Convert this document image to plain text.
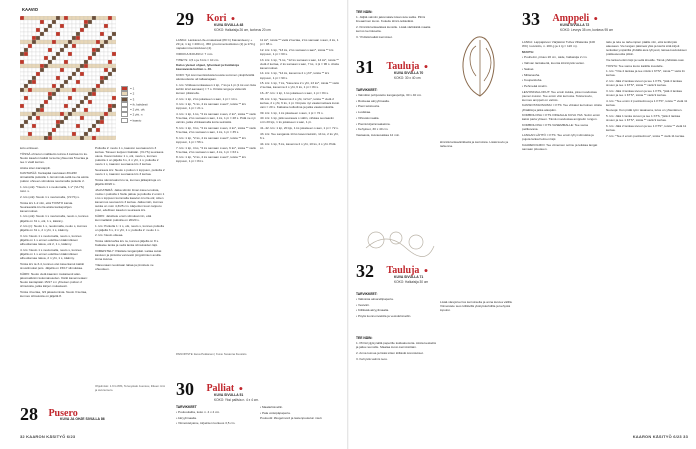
KAAVIO
= 1
= 2
= 3
= ik. kahdesti
= 2 yht. oik
= 2 yht. n
= kaavio

kolo erikseen.

TÖSSÄ ohnuton malliketto toinna 4 ketriaa tru ku. Neulo kaavion kaikki ra kerta yhteensä 5 kertaa ja tee 1 viald kerran.

Alotta siten karsiappili.

KANTAPÄÄ: Kantapää neulotaan ZIGZIR siimaksilla puikoille 1. Ensimmäi-sellä ke-rta aloita puikon ohneen-siimuksia neulomalla puikolle 2.

1. krs (oik): *Neulo 1 s neulomalla, 1 s* (VLYS) toist. s.

2. krs (oik): Neulo 1 s neulomalla, (VLYS) s.

Toista krs 1-2 niin, että TOISTO karsia. Seuraavalla kru lla aloita kantapohjan kavennukset.

1. krs (oik): Neulo 1 s neulomalla, neulo s, kunnes jäljellä on 31 s, oik, 1 s, käänny.

2. krs (n): Neulo 1 s, neulomalla, neulo s, kunnes jäljellä on 31 s, 2 n yht, 1 s, käänny.

3. krs: Neulo 1 s neulomalla, neulo s, kunnes jäljellä on 1 s ennen edellisen käännöksen aiheuttamaa rakoa, oik 2, 1 s, käänny.

4. krs: Neulo 1 s neulomalla, neulo s, kunnes jäljellä on 1 s ennen edellisen käännöksen aiheuttamaa rakoa, 2 n yht, 1 s, käänny.

Toista krs ta 3-4, kunnes olet kaventanut kaikki sivusilmukat pois. Jäljellä on 15/17 silmukkaa.

KÄRKI: Neulo vielä kaavion mukaisesti alan-jakomakkisin kokonaisuuden. Kärki kavennetaan: Neulo kantapään 15/17 s:n yhteisen puikon 2 silmukoita, jatka kärjen mukaisesti.

Toista 4 kertaa, 3/4 jakautumista. Neulo 3 kertaa, kunnes silmukoita on jäljellä 8.

Puikolla 2: neulo 1 s, kaavion seuraava krs 3 kertaa. Toiseen ketjuun lisätään. (VLYS) seuraava oleva. Kavennuksia: 1 s, oik, neulo s, kunnes puikolla 1 on jäljellä 3 s, 2 n yht, 1 s; puikolla 2 neulo 1 s, kaavion seuraava krs 3 kertaa.

Seuraava krs: Neulo s puikon 1 loppuun, puikolla 2 neulo 1 s, kaavion seuraava krs 3 kertaa.

Toista nämä kaksi kru ta, kunnes jälkapintoja on jäljellä 20/20 s.

JALKATERÄ: Jatka silmiin ilman kaven-nuksia, mutta n puikolla 1 Nelle jatkuu ja puikolla 2 ensin 1 s ks s loppuun kummalla kaavion kru lla oik; sitten kavennus seuraa krs 3 kertaa. Jatka näin, kunnes sukka on noin 4,3/25 cm. kärjenlun kuun tarjoutu puut, edellinen kaavion seuraava krs.

KÄRKI: Jaloittele ensin silmukat niin, että kummallakin puikolla on 20/20 s.

1. krs: Puikolla 1: 1 s, oik, neulo s, kunnes puikolla on jäljellä 3 s, 2 n yht, 1 s; puikolla 2: neulo 1 s.

2. krs: Neulo oikeaa.

Toista näitä kahta kru ta, kunnes jäljellä on 8 s. Katkaise lanka ja vedä lanka silmukoiden läpi.

VIIMEISTELY: Päättele langanpäät. Laitaa sukat kastuun ja pinkotta varovasti pingottimien avulla. Anna kuivua.

Yläreunaan neulotaan laitaa ja pinottele ne ohuudeen.

Ohjelmisto: 1.9 G.80S, Terveystalo Joensuu, liitteen nimi ja sivunumero.
28 Pusero
KUVA JA OHJE SIVULLA 86
29 Kori ●
KUVA SIVULLA 48
KOKO: Halkaisija 26 cm, korkeus 20 cm

LANKA: Lankava Life-omateksak (80 C) Kaivandeeny + 29 yk, 1 kg = 200 m), 450 g kommentoidustus (2) ja 170 g napakommentoiduvan (4).

VIRKKUUKOUKKU: 7 mm.

TIHEYS: 4,5 s ja 3 krs = 10 cm.

Katso yleiset ohjeet, lyhenteet ja lisätietoja kasvavasta kolmio s. 40.

KORI: Työ kommenttoidusta kuusta sommen yksipilvisillä alustuudesta: ali tallaanajaan.

1. krs: Virkkaa renkaaseen 1 kp, 7 ks ja 1 pi (1 ks:oon liuta kehiin krs2 aamaan) = 7 s. Kiristä renga ja viidentöi kuinen pitäsnelle.

2. krs: 1 kp, 2 ks jokaiseen s:aan, 1 pi = 14 s.

3. krs: 1 kp, *1 ks, 2 ks samaan s:aan*, toista ** krs loppuun, 1 pi = 21 s.

4. krs: 1 kp, 1 ks, *2 ks samaan s:aan, 2 ks*, toista ** vielä 5 kertaa, 2 ks samaan s:aan, 1 ks, 1 pi = 28 s. Pidä ne nyt valmis, jatka virkkaamalla koria seinästä.

5. krs: 1 kp, 3 ks, *2 ks samaan s:aan, 4 ks*, toista ** vielä 5 kertaa, 2 ks samaan s:aan, 1 ks, 1 pi = 35 s.

6. krs: 1 kp, *2 ks, 2 ks samaan s:aan*, toista ** krs loppuun, 1 pi = 56 s.

7. krs: 1 kp, 4 ks, *2 ks samaan s:aan, 6 ks*, toista ** vielä 5 kertaa, 2 ks samaan s:aan, 4 ks, 1 pi = 63 s.

8. krs: 1 kp, *2 ks, 2 ks samaan s:aan*, toista ** krs loppuun, 1 pi = 84 s.

11 ks*, toista ** vielä 2 kertaa, 2 ks samaan s:aan, 4 ks, 1 pi = 98 s.

12. krs: 1 kp, *13 ks, 2 ks samaan s:aan*, toista ** krs loppuun, 1 pi = 60 s.

13. krs: 1 kp, *1 ks, *12 ks samaan s:aan, 14 ks*, toista ** vielä 2 kertaa, 2 ks samaan s:aan, 7 ks, 1 pi = 96 s. Aloita kavennukset.

14. krs: 1 kp, *14 ks, kavenna 2 s yht*, toista ** krs loppuun, 1 pi = 90 s.

15. krs: 1 kp, 7 ks, *kavenna 2 s yht, 13 ks*, toista ** vielä 2 kertaa, kavenna 2 s yht, 6 ks, 1 pi = 84 s.

16.-37. krs: 1 kp, 1 ks jokaiseen s:aan, 1 pi = 84 s.

38. krs: 1 kp, *kavenna 2 s yht, 12 ks*, toista ** vielä 2 kertaa, 2 s yht, 6 ks, 1 pi. Ompele nyt vaalennettava kuvio vain = 20 s. Katkaise kulkuilma ja jatka vaalennuksilla.

39. krs: 1 kp, 1 ks jokaiseen s:aan, 1 pi = 72 s.

40. krs: 1 kp, jätä seuraava s väliin, virkkaa seuraaviin s:iin 20 kjs, 1 ks jokaiseen s:aan, 1 pi.

41.-42. krs: 1 kp, 20 kjs, 1 ks jokaiseen s:aan, 1 pi = 72 s.

43. krs: Tee sangasta 14 ks kavennuksiin, 14 ks, 2 ks yht, 6 s.

44. krs: 1 kp, 5 ks, kavenna 2 s yht, 10 ks, 2 s yht. Pidä s:t.

PAINOPISTE: Eeva Pekkanen | Kuva: Susanna Kuusisto
30 Palliat ●
KUVA SIVULLA 51
KOKO: Yksi pallivia n. 4 x 4 cm.
TARVIKKEET

• Puukuulaitta, koko n. 4 x 4 cm.

• Akryylimaalia.

• Viimeistelyaine, kirjainten korkeus 3,5 cm.

• Maalartisivellin.

• Pala voileipäpaperia.

Puutuotti: #kugelmord ja lastenpuulelun mieli.

32 KAARON KÄSITYÖ 6/23
TEE NÄIN:

1. Jäljitä valmiin jakomalaiv-kisan-tuta saitta. Piirrä lineaarinen kuvio. Kokeile kiinni-tettäväksi.

2. Kiinnitä lankaväkeä kuviolle. Lisää värikkäitä maalia kerros kerrokselta.

3. Yhdistä kaikki kerrokset.

31 Tauluja ●
KUVA SIVULLA 70
KOKO: 30 x 40 cm
TARVIKKEET:

• Valmiiksi pohjustettu kangaspohja, 30 x 40 cm.

• Ruskeaa akryylimaalia.

• Pieni tekstuuria.

• Lusikkaa.

• Vihreää maalia.

• Pieniä kirjainmaalaimia.

• Kehykset, 30 x 40 cm.

Vastaavia, kuivausaikaa 12 min.

kiinnitä lankavärikkeitä ja kerroksia. Lisää kuvio ja tarkenna.

32 Tauluja ●
KUVA SIVULLA 71
KOKO: Halkaisija 30 cm
TARVIKKEET:

• Valkoista akvarellipaperia.

• Vesiväri.

• Kiillävää akryylimaalia.

• Pöytä luonnonvalolla ja vesivärisivellin.

TEE NÄIN:

1. Piirrä lyijykynällä paperille kukkakuvioita. Aloita keskeltä ja jatka reunoille. Maalaa kuvio kerroksittain.

2. Anna kuivua ja lisää sitten kiiltävät korostukset.

3. Kehystä valmis teos.

Lisää värejä kerros kerrokselta ja anna kuivua välillä. Viimeistele teos kiiltävillä yksityiskohdilla ja kehystä lopuksi.

33 Amppeli ●
KUVA SIVULLA 72
KOKO: Leveys 35 cm, korkeus 95 cm

LANKA: Lappajärven Värjäämö Tuliva Villalanka (100 WC) ruuvitollo, n. 200 g ja 1 lg = 120 m).

MUUTA:

• Puuhelmi, pituus 20 cm, säde, halkaisija 2 cm.

• Vahvan lankakeriä, kuunta kiinnitystä varten.

• Sakset.

• Mittanauha.

• Kuupanituba.

• Pehmeää sivelin.

LEIVONNALLOKUT: Tee ensin kukka, joka muodostaa pienen kuvion. Tee ensin viisi kerrosta. Toista kuvio, kunnes amppeli on valmis.

KANSIOTASOSIUMU = KTS: Tee virkatut kerrokset. Aloita ylhäältä ja jatka alaspäin.

KOMBOLONA = KTS OIKEALLE KUVA 70A: Solmi ensin kaksi paria yhteen. Tämä muodostaa amppelin rungon.

KOMBOLONA = KTS VASEMMALLE: Tee sama peilikuvana.

LANGAN LÄHTÖ = KTS: Tee ensin lyhyt silmukka ja pujota lanka helmen läpi.

KAAREKOLMIO: Tee viimeinen solmu ja leikkaa langat samaan pituuteen.

taito ja tela se tarkempien päälle niin, että lenkki jää alaosaan. Vie langan päämeä yläs ja kiertä siitä kirjoit terästäsi ympäriltä yhdällä aiva lyhyesti, lainaa kuulotuksen poikkeavuutta pitkin.

Vie lanka lenkin läpi ja vedä kireälle. Tämä yhdistää osat.

TOISTA: Tee sama kuvio kaikille kuudelle.

1. krs: *Ota 4 lankaa ja tee niistä 1 KTS*, toista ** vielä 11 kertaa.

2. krs: Jätä 2 lankaa sivuun ja tee 1 KTS, *jätä 4 lankaa sivuun ja tee 1 KTS*, toista ** vielä 9 kertaa.

3. krs: Jätä 4 lankaa sivuun ja tee 1 KTS, *jätä 4 lankaa sivuun ja tee 1 KTS*, toista ** vielä 9 kertaa.

4. krs: *Tee ensin 2 puolisolmua ja 1 KTS*, toista ** vielä 11 kertaa.

Neuvoja: Kun pidät työn tasaisena, tulos on yhtenäinen.

5. krs: Jätä 1 lanka sivuun ja tee 1 KTS, *jätä 4 lankaa sivuun ja tee 1 KTS*, toista ** vielä 9 kertaa.

6. krs: Jätä 2 lankaa sivuun ja tee 1 KTS*, toista ** vielä 11 kertaa.

7. krs: *Tee 2 ensin puolisolmua*, toista ** vielä 11 kertaa.

KAARON KÄSITYÖ 6/23 33
